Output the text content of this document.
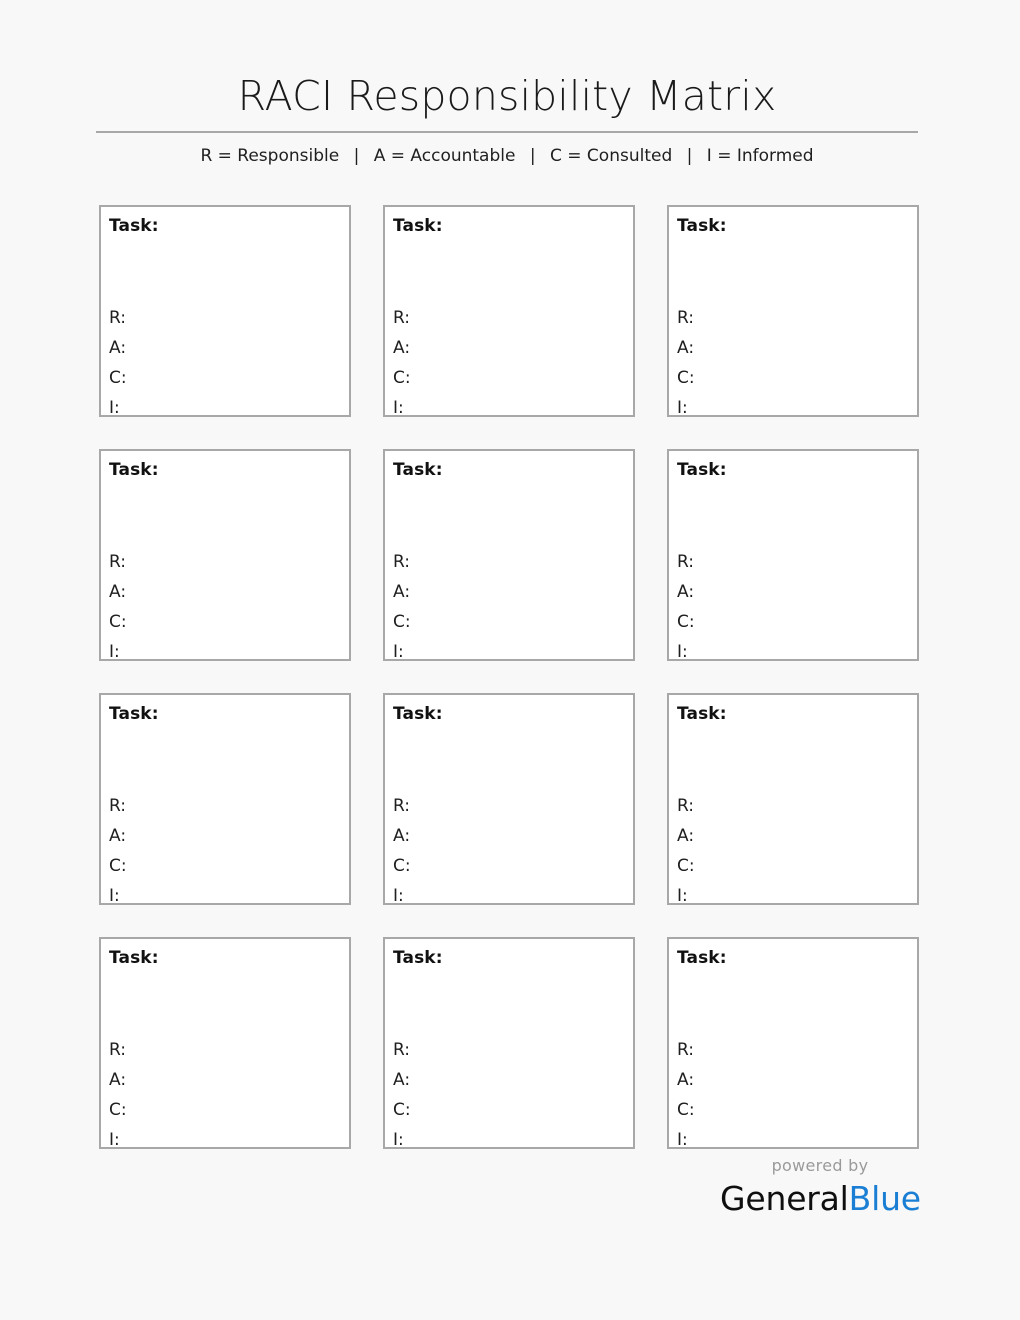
RACI Responsibility Matrix
R = Responsible | A = Accountable | C = Consulted | I = Informed
Task:
R:
A:
C:
I:
Task:
R:
A:
C:
I:
Task:
R:
A:
C:
I:
Task:
R:
A:
C:
I:
Task:
R:
A:
C:
I:
Task:
R:
A:
C:
I:
Task:
R:
A:
C:
I:
Task:
R:
A:
C:
I:
Task:
R:
A:
C:
I:
Task:
R:
A:
C:
I:
Task:
R:
A:
C:
I:
Task:
R:
A:
C:
I:
powered by
GeneralBlue
